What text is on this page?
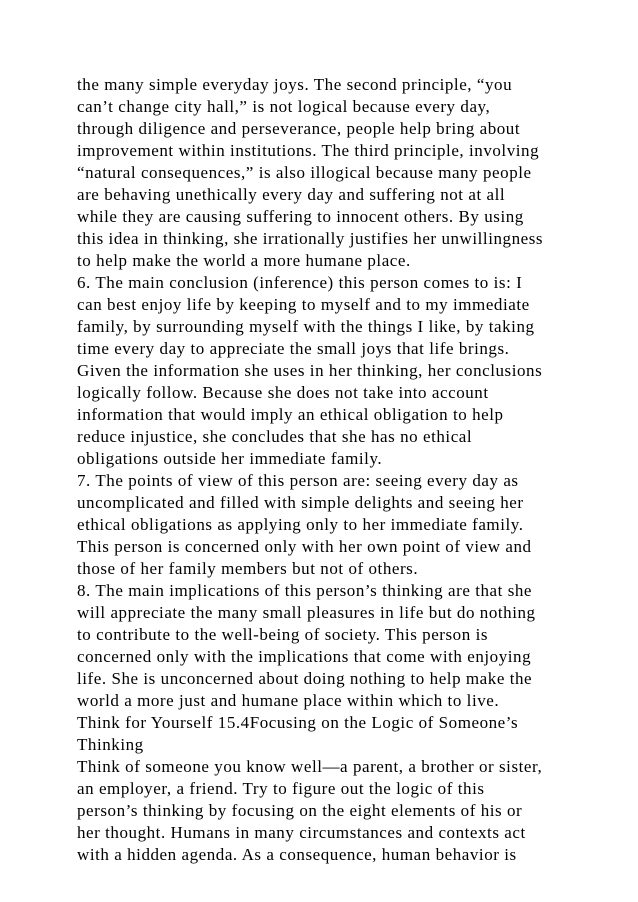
the many simple everyday joys. The second principle, “you
can’t change city hall,” is not logical because every day,
through diligence and perseverance, people help bring about
improvement within institutions. The third principle, involving
“natural consequences,” is also illogical because many people
are behaving unethically every day and suffering not at all
while they are causing suffering to innocent others. By using
this idea in thinking, she irrationally justifies her unwillingness
to help make the world a more humane place.
6. The main conclusion (inference) this person comes to is: I
can best enjoy life by keeping to myself and to my immediate
family, by surrounding myself with the things I like, by taking
time every day to appreciate the small joys that life brings.
Given the information she uses in her thinking, her conclusions
logically follow. Because she does not take into account
information that would imply an ethical obligation to help
reduce injustice, she concludes that she has no ethical
obligations outside her immediate family.
7. The points of view of this person are: seeing every day as
uncomplicated and filled with simple delights and seeing her
ethical obligations as applying only to her immediate family.
This person is concerned only with her own point of view and
those of her family members but not of others.
8. The main implications of this person’s thinking are that she
will appreciate the many small pleasures in life but do nothing
to contribute to the well-being of society. This person is
concerned only with the implications that come with enjoying
life. She is unconcerned about doing nothing to help make the
world a more just and humane place within which to live.
Think for Yourself 15.4Focusing on the Logic of Someone’s
Thinking
Think of someone you know well—a parent, a brother or sister,
an employer, a friend. Try to figure out the logic of this
person’s thinking by focusing on the eight elements of his or
her thought. Humans in many circumstances and contexts act
with a hidden agenda. As a consequence, human behavior is
